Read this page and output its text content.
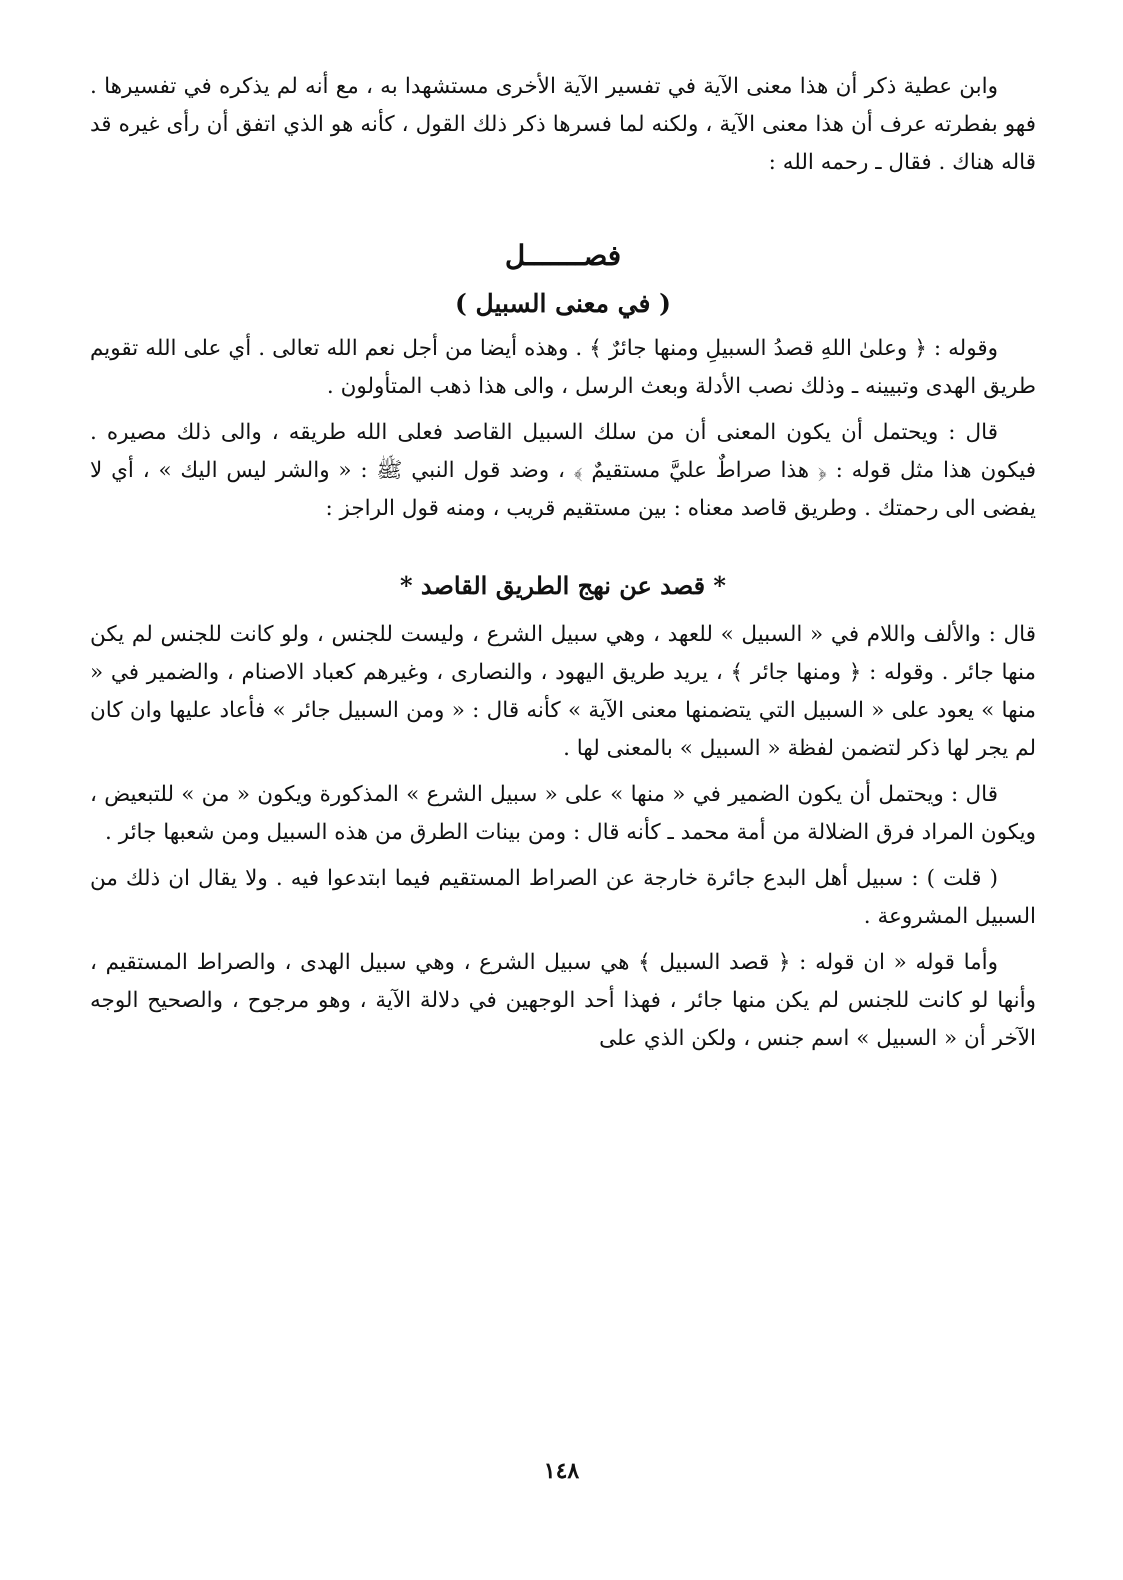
وابن عطية ذكر أن هذا معنى الآية في تفسير الآية الأخرى مستشهدا به ، مع أنه لم يذكره في تفسيرها . فهو بفطرته عرف أن هذا معنى الآية ، ولكنه لما فسرها ذكر ذلك القول ، كأنه هو الذي اتفق أن رأى غيره قد قاله هناك . فقال ـ رحمه الله :

فصـــــــل
( في معنى السبيل )

وقوله : ﴿ وعلىٰ اللهِ قصدُ السبيلِ ومنها جائرٌ ﴾ . وهذه أيضا من أجل نعم الله تعالى . أي على الله تقويم طريق الهدى وتبيينه ـ وذلك نصب الأدلة وبعث الرسل ، والى هذا ذهب المتأولون .

قال : ويحتمل أن يكون المعنى أن من سلك السبيل القاصد فعلى الله طريقه ، والى ذلك مصيره . فيكون هذا مثل قوله : ﴿ هذا صراطٌ عليَّ مستقيمٌ ﴾ ، وضد قول النبي ﷺ : « والشر ليس اليك » ، أي لا يفضى الى رحمتك . وطريق قاصد معناه : بين مستقيم قريب ، ومنه قول الراجز :

* قصد عن نهج الطريق القاصد *

قال : والألف واللام في « السبيل » للعهد ، وهي سبيل الشرع ، وليست للجنس ، ولو كانت للجنس لم يكن منها جائر . وقوله : ﴿ ومنها جائر ﴾ ، يريد طريق اليهود ، والنصارى ، وغيرهم كعباد الاصنام ، والضمير في « منها » يعود على « السبيل التي يتضمنها معنى الآية » كأنه قال : « ومن السبيل جائر » فأعاد عليها وان كان لم يجر لها ذكر لتضمن لفظة « السبيل » بالمعنى لها .

قال : ويحتمل أن يكون الضمير في « منها » على « سبيل الشرع » المذكورة ويكون « من » للتبعيض ، ويكون المراد فرق الضلالة من أمة محمد ـ كأنه قال : ومن بينات الطرق من هذه السبيل ومن شعبها جائر .

( قلت ) : سبيل أهل البدع جائرة خارجة عن الصراط المستقيم فيما ابتدعوا فيه . ولا يقال ان ذلك من السبيل المشروعة .

وأما قوله « ان قوله : ﴿ قصد السبيل ﴾ هي سبيل الشرع ، وهي سبيل الهدى ، والصراط المستقيم ، وأنها لو كانت للجنس لم يكن منها جائر ، فهذا أحد الوجهين في دلالة الآية ، وهو مرجوح ، والصحيح الوجه الآخر أن « السبيل » اسم جنس ، ولكن الذي على

١٤٨
